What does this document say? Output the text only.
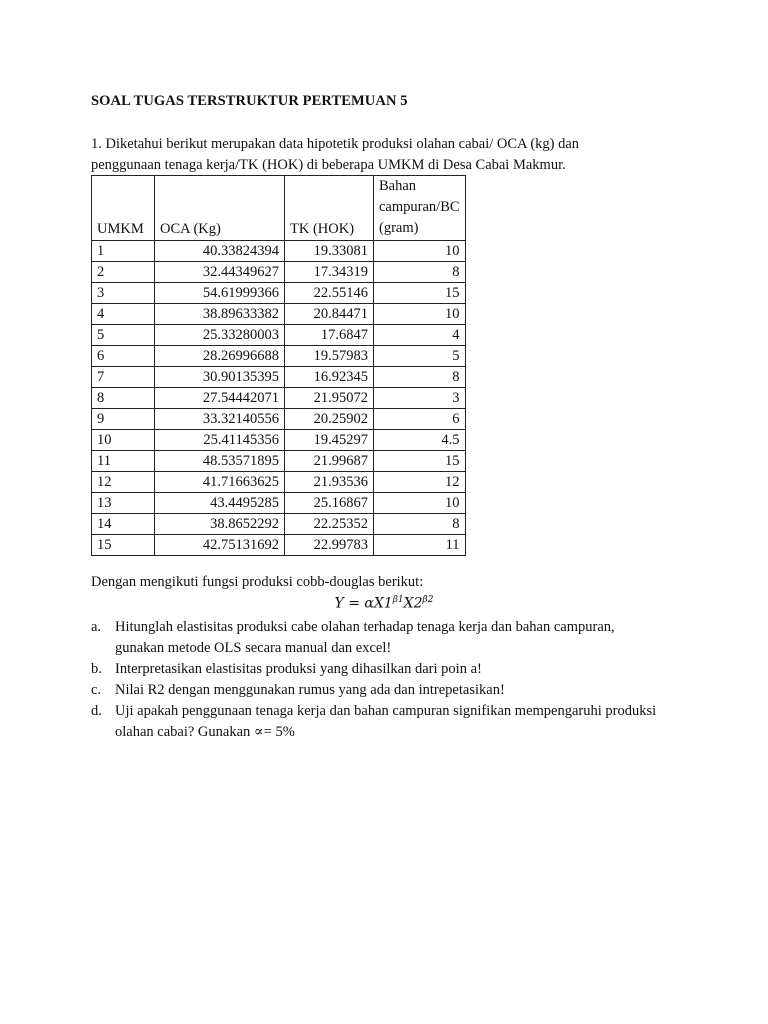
SOAL TUGAS TERSTRUKTUR PERTEMUAN 5
1. Diketahui berikut merupakan data hipotetik produksi olahan cabai/ OCA (kg) dan
penggunaan tenaga kerja/TK (HOK) di beberapa UMKM di Desa Cabai Makmur.
UMKM	OCA (Kg)	TK (HOK)	Bahan
campuran/BC
(gram)

1	40.33824394	19.33081	10
2	32.44349627	17.34319	8
3	54.61999366	22.55146	15
4	38.89633382	20.84471	10
5	25.33280003	17.6847	4
6	28.26996688	19.57983	5
7	30.90135395	16.92345	8
8	27.54442071	21.95072	3
9	33.32140556	20.25902	6
10	25.41145356	19.45297	4.5
11	48.53571895	21.99687	15
12	41.71663625	21.93536	12
13	43.4495285	25.16867	10
14	38.8652292	22.25352	8
15	42.75131692	22.99783	11
Dengan mengikuti fungsi produksi cobb-douglas berikut:
$Y = \alpha X1^{\beta 1}X2^{\beta 2}$
a. Hitunglah elastisitas produksi cabe olahan terhadap tenaga kerja dan bahan campuran,
gunakan metode OLS secara manual dan excel!
b. Interpretasikan elastisitas produksi yang dihasilkan dari poin a!
c. Nilai R2 dengan menggunakan rumus yang ada dan intrepetasikan!
d. Uji apakah penggunaan tenaga kerja dan bahan campuran signifikan mempengaruhi produksi
olahan cabai? Gunakan ∝= 5%
